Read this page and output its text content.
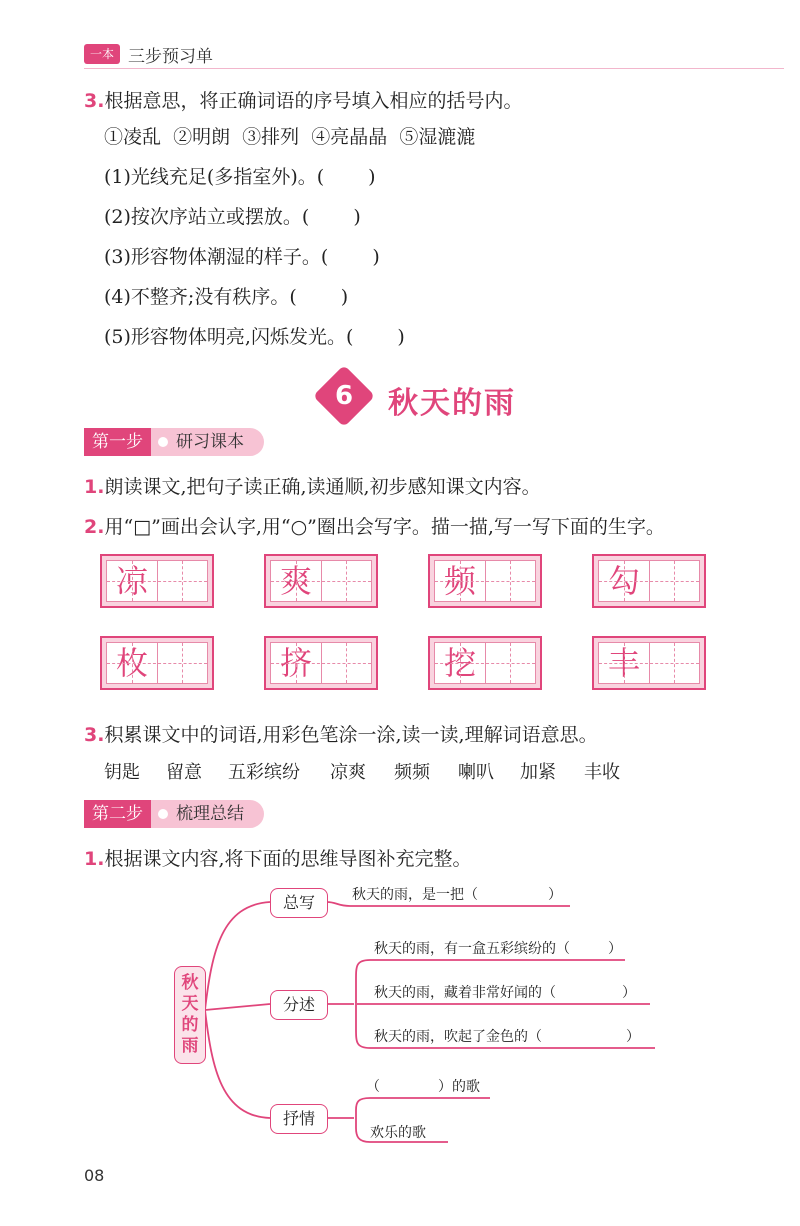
一本 三步预习单
3.根据意思，将正确词语的序号填入相应的括号内。
①凌乱  ②明朗  ③排列  ④亮晶晶  ⑤湿漉漉
(1)光线充足(多指室外)。( )
(2)按次序站立或摆放。( )
(3)形容物体潮湿的样子。( )
(4)不整齐;没有秩序。( )
(5)形容物体明亮,闪烁发光。( )
6	秋天的雨
第一步	研习课本
1.朗读课文,把句子读正确,读通顺,初步感知课文内容。
2.用“□”画出会认字,用“○”圈出会写字。描一描,写一写下面的生字。
凉	爽	频	勾
枚	挤	挖	丰
3.积累课文中的词语,用彩色笔涂一涂,读一读,理解词语意思。
钥匙 留意 五彩缤纷 凉爽 频频 喇叭 加紧 丰收
第二步	梳理总结
1.根据课文内容,将下面的思维导图补充完整。
秋
天
的
雨
总写
分述
抒情
秋天的雨，是一把（	）
秋天的雨，有一盒五彩缤纷的（	）
秋天的雨，藏着非常好闻的（	）
秋天的雨，吹起了金色的（	）
（	）的歌
欢乐的歌
08
